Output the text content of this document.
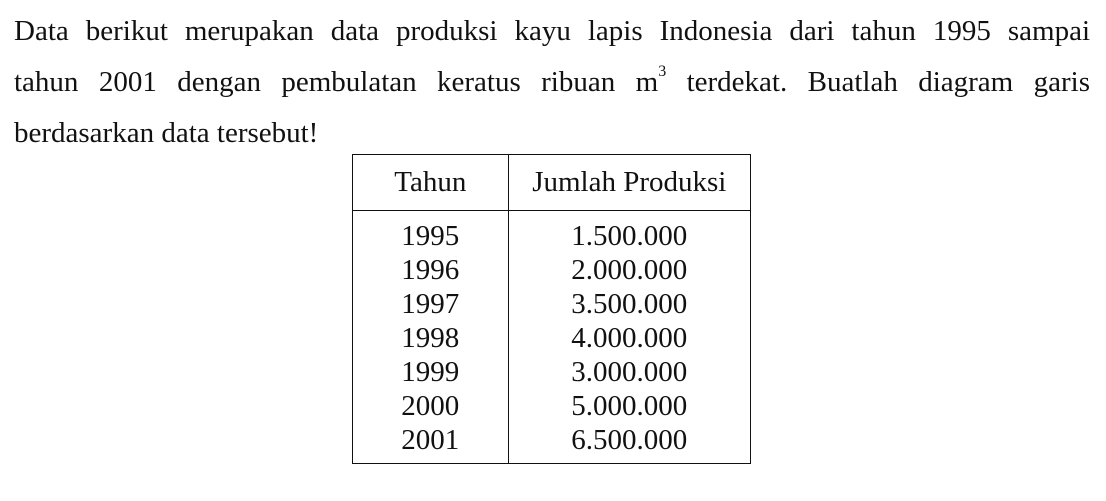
Data berikut merupakan data produksi kayu lapis Indonesia dari tahun 1995 sampai
tahun 2001 dengan pembulatan keratus ribuan $m^3$ terdekat. Buatlah diagram garis
berdasarkan data tersebut!
Tahun	Jumlah Produksi
1995	1.500.000
1996	2.000.000
1997	3.500.000
1998	4.000.000
1999	3.000.000
2000	5.000.000
2001	6.500.000
